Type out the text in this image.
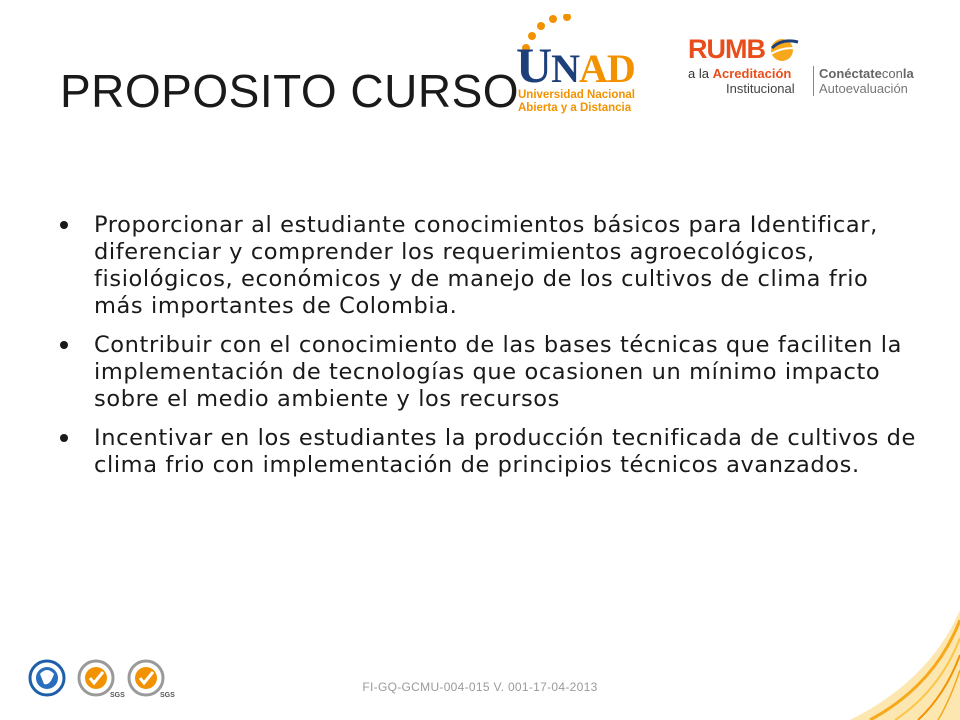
UNAD
Universidad Nacional
Abierta y a Distancia
RUMB
a la Acreditación
Institucional
Conéctateconla
Autoevaluación
PROPOSITO CURSO
Proporcionar al estudiante conocimientos básicos para Identificar, diferenciar y comprender los requerimientos agroecológicos, fisiológicos, económicos y de manejo de los cultivos de clima frio más importantes de Colombia.
Contribuir con el conocimiento de las bases técnicas que faciliten la implementación de tecnologías que ocasionen un mínimo impacto sobre el medio ambiente y los recursos
Incentivar en los estudiantes la producción tecnificada de cultivos de clima frio con implementación de principios técnicos avanzados.
SGS	SGS
FI-GQ-GCMU-004-015 V. 001-17-04-2013
